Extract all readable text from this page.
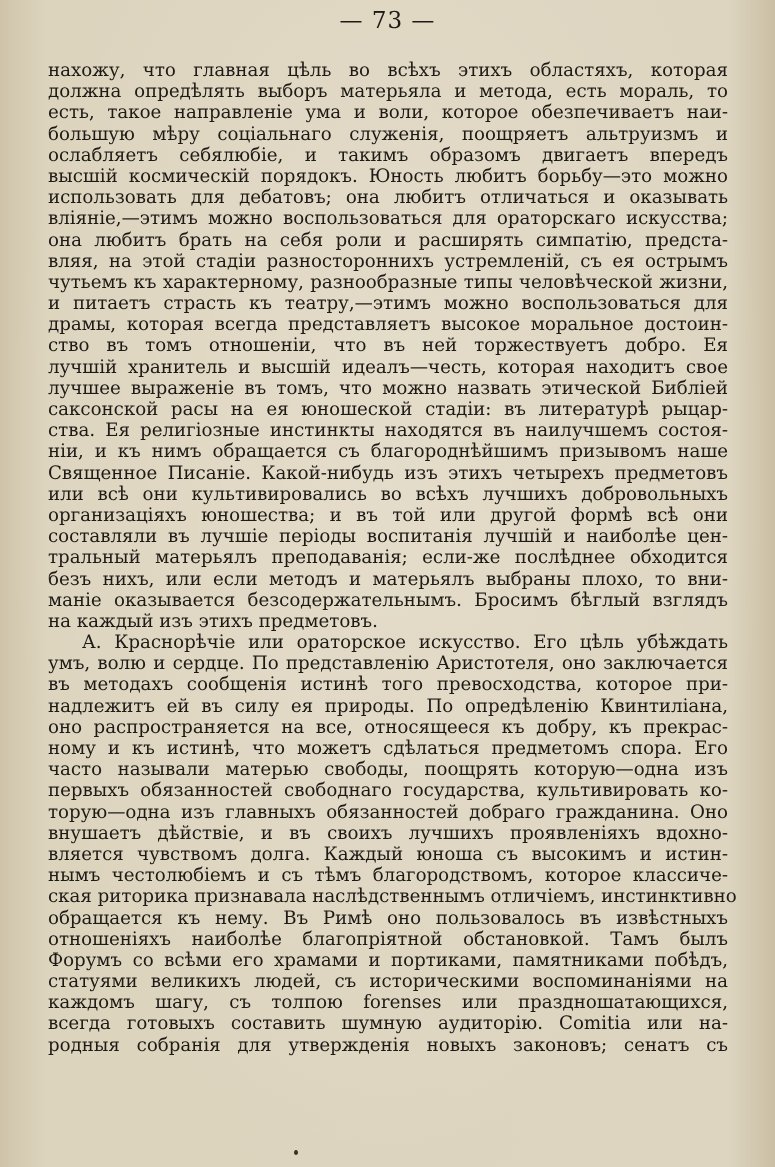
— 73 —
нахожу, что главная цѣль во всѣхъ этихъ областяхъ, которая
должна опредѣлять выборъ матерьяла и метода, есть мораль, то
есть, такое направленіе ума и воли, которое обезпечиваетъ наи-
большую мѣру соціальнаго служенія, поощряетъ альтруизмъ и
ослабляетъ себялюбіе, и такимъ образомъ двигаетъ впередъ
высшій космическій порядокъ. Юность любитъ борьбу—это можно
использовать для дебатовъ; она любитъ отличаться и оказывать
вліяніе,—этимъ можно воспользоваться для ораторскаго искусства;
она любитъ брать на себя роли и расширять симпатію, предста-
вляя, на этой стадіи разностороннихъ устремленій, съ ея острымъ
чутьемъ къ характерному, разнообразные типы человѣческой жизни,
и питаетъ страсть къ театру,—этимъ можно воспользоваться для
драмы, которая всегда представляетъ высокое моральное достоин-
ство въ томъ отношеніи, что въ ней торжествуетъ добро. Ея
лучшій хранитель и высшій идеалъ—честь, которая находитъ свое
лучшее выраженіе въ томъ, что можно назвать этической Библіей
саксонской расы на ея юношеской стадіи: въ литературѣ рыцар-
ства. Ея религіозные инстинкты находятся въ наилучшемъ состоя-
ніи, и къ нимъ обращается съ благороднѣйшимъ призывомъ наше
Священное Писаніе. Какой-нибудь изъ этихъ четырехъ предметовъ
или всѣ они культивировались во всѣхъ лучшихъ добровольныхъ
организаціяхъ юношества; и въ той или другой формѣ всѣ они
составляли въ лучшіе періоды воспитанія лучшій и наиболѣе цен-
тральный матерьялъ преподаванія; если-же послѣднее обходится
безъ нихъ, или если методъ и матерьялъ выбраны плохо, то вни-
маніе оказывается безсодержательнымъ. Бросимъ бѣглый взглядъ
на каждый изъ этихъ предметовъ.
А. Краснорѣчіе или ораторское искусство. Его цѣль убѣждать
умъ, волю и сердце. По представленію Аристотеля, оно заключается
въ методахъ сообщенія истинѣ того превосходства, которое при-
надлежитъ ей въ силу ея природы. По опредѣленію Квинтиліана,
оно распространяется на все, относящееся къ добру, къ прекрас-
ному и къ истинѣ, что можетъ сдѣлаться предметомъ спора. Его
часто называли матерью свободы, поощрять которую—одна изъ
первыхъ обязанностей свободнаго государства, культивировать ко-
торую—одна изъ главныхъ обязанностей добраго гражданина. Оно
внушаетъ дѣйствіе, и въ своихъ лучшихъ проявленіяхъ вдохно-
вляется чувствомъ долга. Каждый юноша съ высокимъ и истин-
нымъ честолюбіемъ и съ тѣмъ благородствомъ, которое классиче-
ская риторика признавала наслѣдственнымъ отличіемъ, инстинктивно
обращается къ нему. Въ Римѣ оно пользовалось въ извѣстныхъ
отношеніяхъ наиболѣе благопріятной обстановкой. Тамъ былъ
Форумъ со всѣми его храмами и портиками, памятниками побѣдъ,
статуями великихъ людей, съ историческими воспоминаніями на
каждомъ шагу, съ толпою forenses или праздношатающихся,
всегда готовыхъ составить шумную аудиторію. Comitia или на-
родныя собранія для утвержденія новыхъ законовъ; сенатъ съ
